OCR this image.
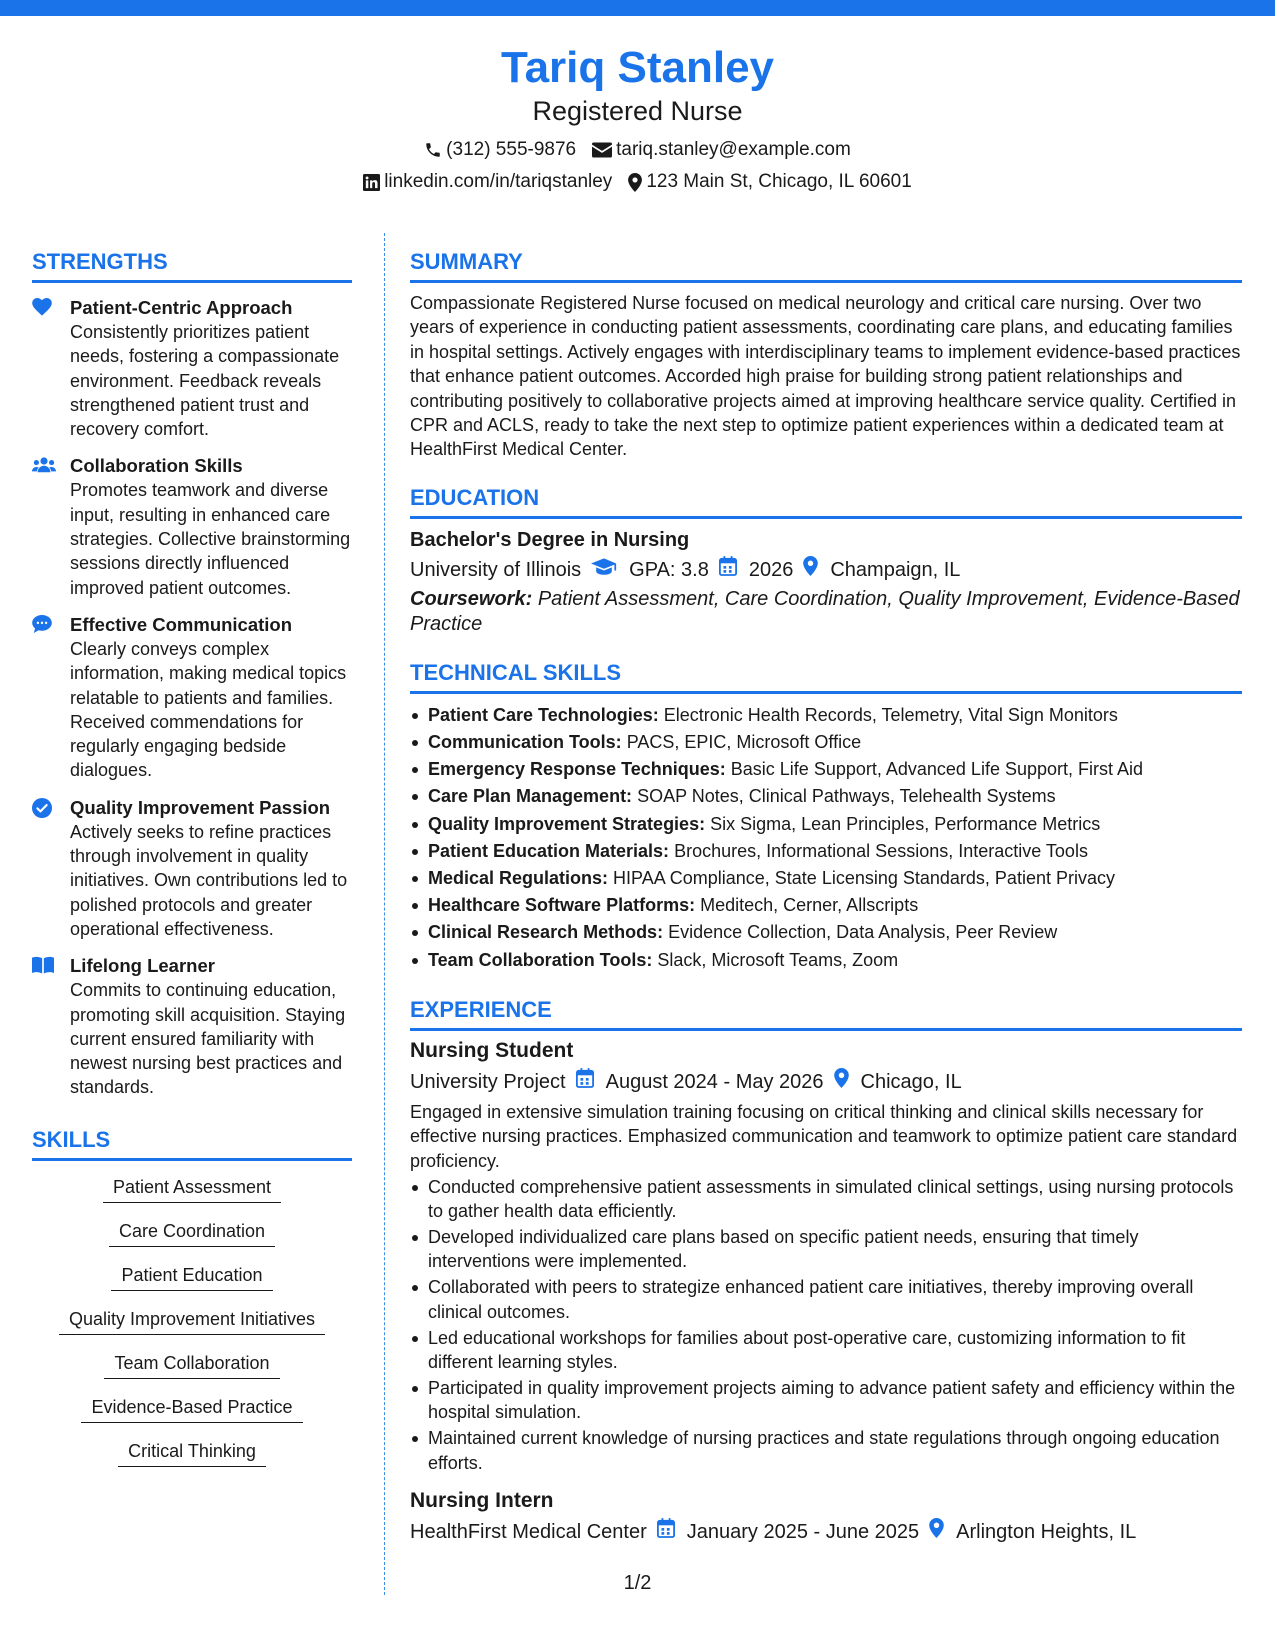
Tariq Stanley
Registered Nurse
(312) 555-9876 tariq.stanley@example.com
linkedin.com/in/tariqstanley 123 Main St, Chicago, IL 60601
STRENGTHS
Patient-Centric Approach
Consistently prioritizes patient needs, fostering a compassionate environment. Feedback reveals strengthened patient trust and recovery comfort.
Collaboration Skills
Promotes teamwork and diverse input, resulting in enhanced care strategies. Collective brainstorming sessions directly influenced improved patient outcomes.
Effective Communication
Clearly conveys complex information, making medical topics relatable to patients and families. Received commendations for regularly engaging bedside dialogues.
Quality Improvement Passion
Actively seeks to refine practices through involvement in quality initiatives. Own contributions led to polished protocols and greater operational effectiveness.
Lifelong Learner
Commits to continuing education, promoting skill acquisition. Staying current ensured familiarity with newest nursing best practices and standards.
SKILLS
Patient Assessment
Care Coordination
Patient Education
Quality Improvement Initiatives
Team Collaboration
Evidence-Based Practice
Critical Thinking
SUMMARY
Compassionate Registered Nurse focused on medical neurology and critical care nursing. Over two years of experience in conducting patient assessments, coordinating care plans, and educating families in hospital settings. Actively engages with interdisciplinary teams to implement evidence-based practices that enhance patient outcomes. Accorded high praise for building strong patient relationships and contributing positively to collaborative projects aimed at improving healthcare service quality. Certified in CPR and ACLS, ready to take the next step to optimize patient experiences within a dedicated team at HealthFirst Medical Center.
EDUCATION
Bachelor's Degree in Nursing
University of Illinois GPA: 3.8 2026 Champaign, IL
Coursework: Patient Assessment, Care Coordination, Quality Improvement, Evidence-Based Practice
TECHNICAL SKILLS
Patient Care Technologies: Electronic Health Records, Telemetry, Vital Sign Monitors
Communication Tools: PACS, EPIC, Microsoft Office
Emergency Response Techniques: Basic Life Support, Advanced Life Support, First Aid
Care Plan Management: SOAP Notes, Clinical Pathways, Telehealth Systems
Quality Improvement Strategies: Six Sigma, Lean Principles, Performance Metrics
Patient Education Materials: Brochures, Informational Sessions, Interactive Tools
Medical Regulations: HIPAA Compliance, State Licensing Standards, Patient Privacy
Healthcare Software Platforms: Meditech, Cerner, Allscripts
Clinical Research Methods: Evidence Collection, Data Analysis, Peer Review
Team Collaboration Tools: Slack, Microsoft Teams, Zoom
EXPERIENCE
Nursing Student
University Project August 2024 - May 2026 Chicago, IL
Engaged in extensive simulation training focusing on critical thinking and clinical skills necessary for effective nursing practices. Emphasized communication and teamwork to optimize patient care standard proficiency.
Conducted comprehensive patient assessments in simulated clinical settings, using nursing protocols to gather health data efficiently.
Developed individualized care plans based on specific patient needs, ensuring that timely interventions were implemented.
Collaborated with peers to strategize enhanced patient care initiatives, thereby improving overall clinical outcomes.
Led educational workshops for families about post-operative care, customizing information to fit different learning styles.
Participated in quality improvement projects aiming to advance patient safety and efficiency within the hospital simulation.
Maintained current knowledge of nursing practices and state regulations through ongoing education efforts.
Nursing Intern
HealthFirst Medical Center January 2025 - June 2025 Arlington Heights, IL
1/2
